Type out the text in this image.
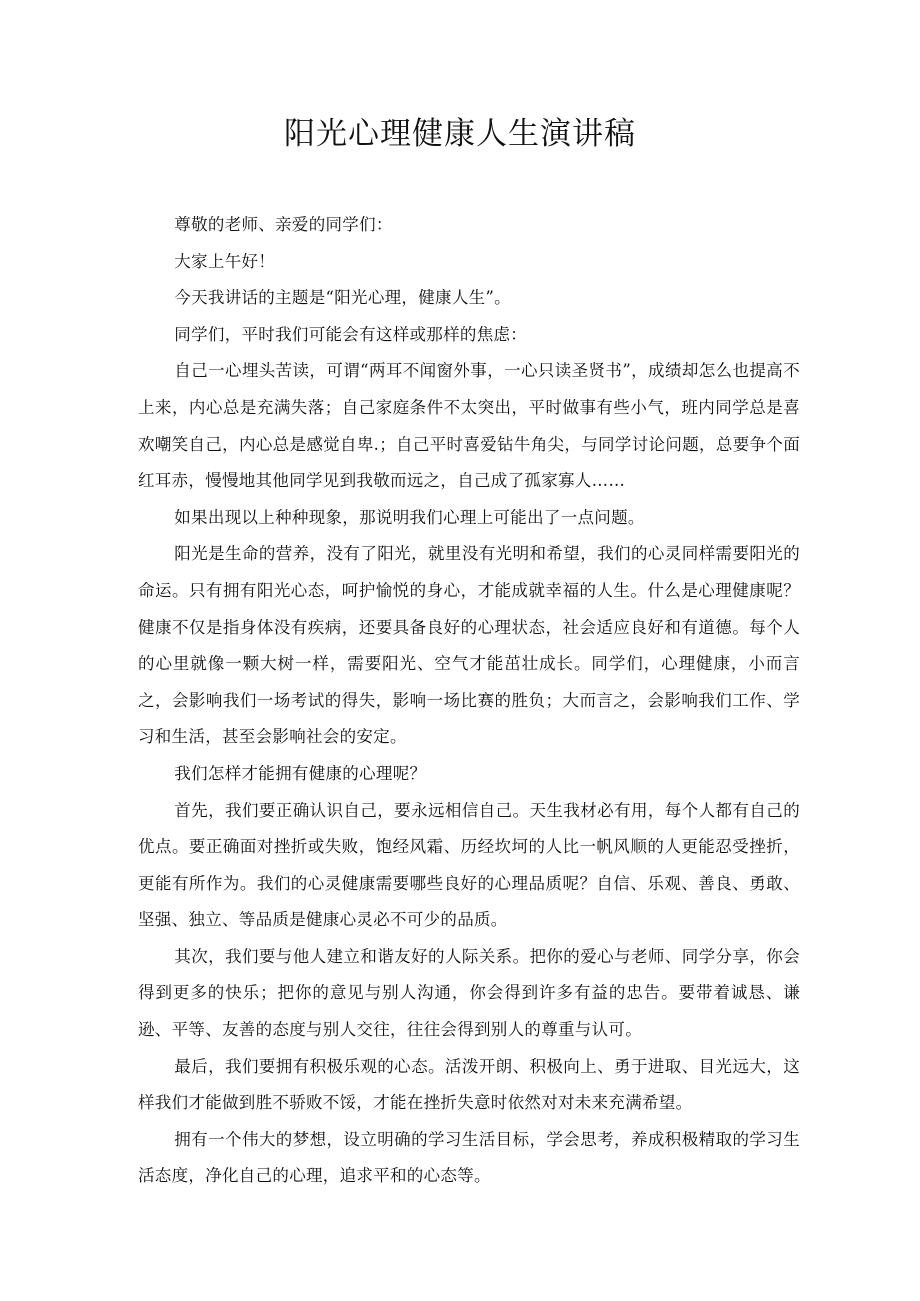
阳光心理健康人生演讲稿

尊敬的老师、亲爱的同学们：

大家上午好！

今天我讲话的主题是“阳光心理，健康人生”。

同学们，平时我们可能会有这样或那样的焦虑：

自己一心埋头苦读，可谓“两耳不闻窗外事，一心只读圣贤书”，成绩却怎么也提高不上来，内心总是充满失落；自己家庭条件不太突出，平时做事有些小气，班内同学总是喜欢嘲笑自己，内心总是感觉自卑.；自己平时喜爱钻牛角尖，与同学讨论问题，总要争个面红耳赤，慢慢地其他同学见到我敬而远之，自己成了孤家寡人……

如果出现以上种种现象，那说明我们心理上可能出了一点问题。

阳光是生命的营养，没有了阳光，就里没有光明和希望，我们的心灵同样需要阳光的命运。只有拥有阳光心态，呵护愉悦的身心，才能成就幸福的人生。什么是心理健康呢？健康不仅是指身体没有疾病，还要具备良好的心理状态，社会适应良好和有道德。每个人的心里就像一颗大树一样，需要阳光、空气才能茁壮成长。同学们，心理健康，小而言之，会影响我们一场考试的得失，影响一场比赛的胜负；大而言之，会影响我们工作、学习和生活，甚至会影响社会的安定。

我们怎样才能拥有健康的心理呢？

首先，我们要正确认识自己，要永远相信自己。天生我材必有用，每个人都有自己的优点。要正确面对挫折或失败，饱经风霜、历经坎坷的人比一帆风顺的人更能忍受挫折，更能有所作为。我们的心灵健康需要哪些良好的心理品质呢？自信、乐观、善良、勇敢、坚强、独立、等品质是健康心灵必不可少的品质。

其次，我们要与他人建立和谐友好的人际关系。把你的爱心与老师、同学分享，你会得到更多的快乐；把你的意见与别人沟通，你会得到许多有益的忠告。要带着诚恳、谦逊、平等、友善的态度与别人交往，往往会得到别人的尊重与认可。

最后，我们要拥有积极乐观的心态。活泼开朗、积极向上、勇于进取、目光远大，这样我们才能做到胜不骄败不馁，才能在挫折失意时依然对对未来充满希望。

拥有一个伟大的梦想，设立明确的学习生活目标，学会思考，养成积极精取的学习生活态度，净化自己的心理，追求平和的心态等。
